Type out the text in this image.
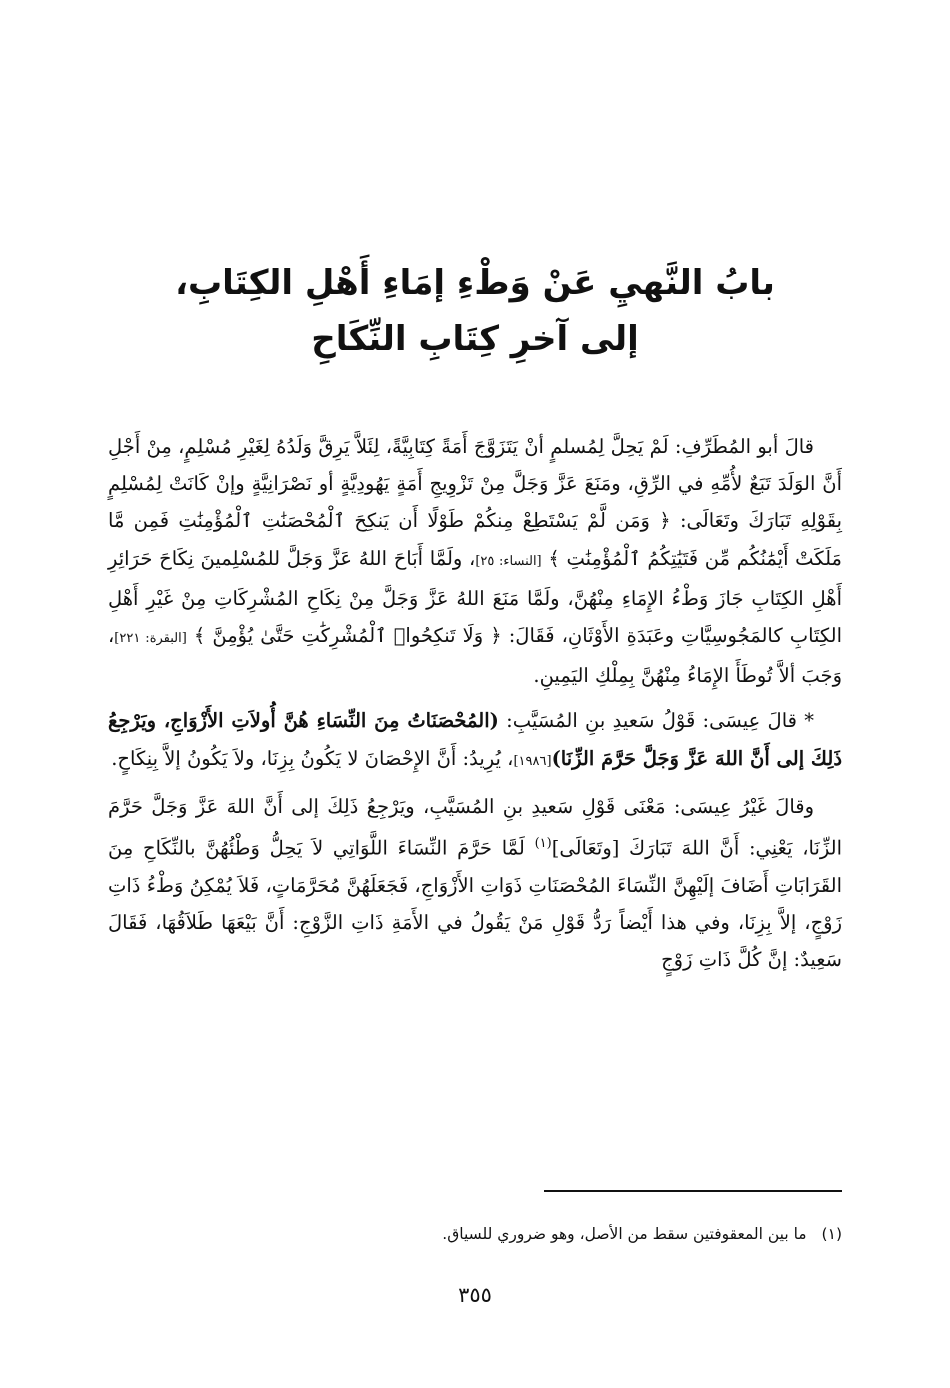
بابُ النَّهيِ عَنْ وَطْءِ إمَاءِ أَهْلِ الكِتَابِ،
إلى آخرِ كِتَابِ النِّكَاحِ

قالَ أبو المُطَرِّفِ: لَمْ يَحِلَّ لِمُسلمٍ أنْ يَتَزَوَّجَ أَمَةً كِتَابِيَّةً، لِئَلاَّ يَرِقَّ وَلَدُهُ لِغَيْرِ مُسْلِمٍ، مِنْ أَجْلِ أَنَّ الوَلَدَ تَبَعٌ لأُمِّهِ في الرِّقِ، ومَنَعَ عَزَّ وَجَلَّ مِنْ تَزْوِيجِ أَمَةٍ يَهُودِيَّةٍ أو نَصْرَانِيَّةٍ وإنْ كَانَتْ لِمُسْلِمٍ بِقَوْلِهِ تَبَارَكَ وتَعَالَى: ﴿ وَمَن لَّمْ يَسْتَطِعْ مِنكُمْ طَوْلًا أَن يَنكِحَ ٱلْمُحْصَنَٰتِ ٱلْمُؤْمِنَٰتِ فَمِن مَّا مَلَكَتْ أَيْمَٰنُكُم مِّن فَتَيَٰتِكُمُ ٱلْمُؤْمِنَٰتِ ﴾ [النساء: ٢٥]، ولَمَّا أَبَاحَ اللهُ عَزَّ وَجَلَّ للمُسْلِمينَ نِكَاحَ حَرَائِرِ أَهْلِ الكِتَابِ جَازَ وَطْءُ الإِمَاءِ مِنْهُنَّ، ولَمَّا مَنَعَ اللهُ عَزَّ وَجَلَّ مِنْ نِكَاحِ المُشْرِكَاتِ مِنْ غَيْرِ أَهْلِ الكِتَابِ كالمَجُوسِيَّاتِ وعَبَدَةِ الأَوْثَانِ، فَقَالَ: ﴿ وَلَا تَنكِحُوا۟ ٱلْمُشْرِكَٰتِ حَتَّىٰ يُؤْمِنَّ ﴾ [البقرة: ٢٢١]، وَجَبَ ألاَّ تُوطَأَ الإِمَاءُ مِنْهُنَّ بِمِلْكِ اليَمِينِ.

* قالَ عِيسَى: قَوْلُ سَعيدِ بنِ المُسَيَّبِ: (المُحْصَنَاتُ مِنَ النِّسَاءِ هُنَّ أُولاَتِ الأَزْوَاجِ، ويَرْجِعُ ذَلِكَ إلى أَنَّ اللهَ عَزَّ وَجَلَّ حَرَّمَ الزِّنَا)[١٩٨٦]، يُرِيدُ: أَنَّ الإِحْصَانَ لا يَكُونُ بِزِنَا، ولاَ يَكُونُ إلاَّ بِنِكَاحٍ.

وقالَ غَيْرُ عِيسَى: مَعْنَى قَوْلِ سَعيدِ بنِ المُسَيَّبِ، ويَرْجِعُ ذَلِكَ إلى أَنَّ اللهَ عَزَّ وَجَلَّ حَرَّمَ الزِّنَا، يَعْنِي: أَنَّ اللهَ تَبَارَكَ [وتَعَالَى]$^{(١)}$ لَمَّا حَرَّمَ النِّسَاءَ اللَّوَاتِي لاَ يَحِلُّ وَطْئُهُنَّ بالنِّكَاحِ مِنَ القَرَابَاتِ أَضَافَ إلَيْهِنَّ النِّسَاءَ المُحْصَنَاتِ ذَوَاتِ الأَزْوَاجِ، فَجَعَلَهُنَّ مُحَرَّمَاتٍ، فَلاَ يُمْكِنُ وَطْءُ ذَاتِ زَوْجٍ، إلاَّ بِزِنَا، وفي هذا أَيْضاً رَدُّ قَوْلِ مَنْ يَقُولُ في الأَمَةِ ذَاتِ الزَّوْجِ: أَنَّ بَيْعَهَا طَلاَقُهَا، فَقَالَ سَعِيدٌ: إنَّ كُلَّ ذَاتِ زَوْجٍ

(١) ما بين المعقوفتين سقط من الأصل، وهو ضروري للسياق.
٣٥٥
